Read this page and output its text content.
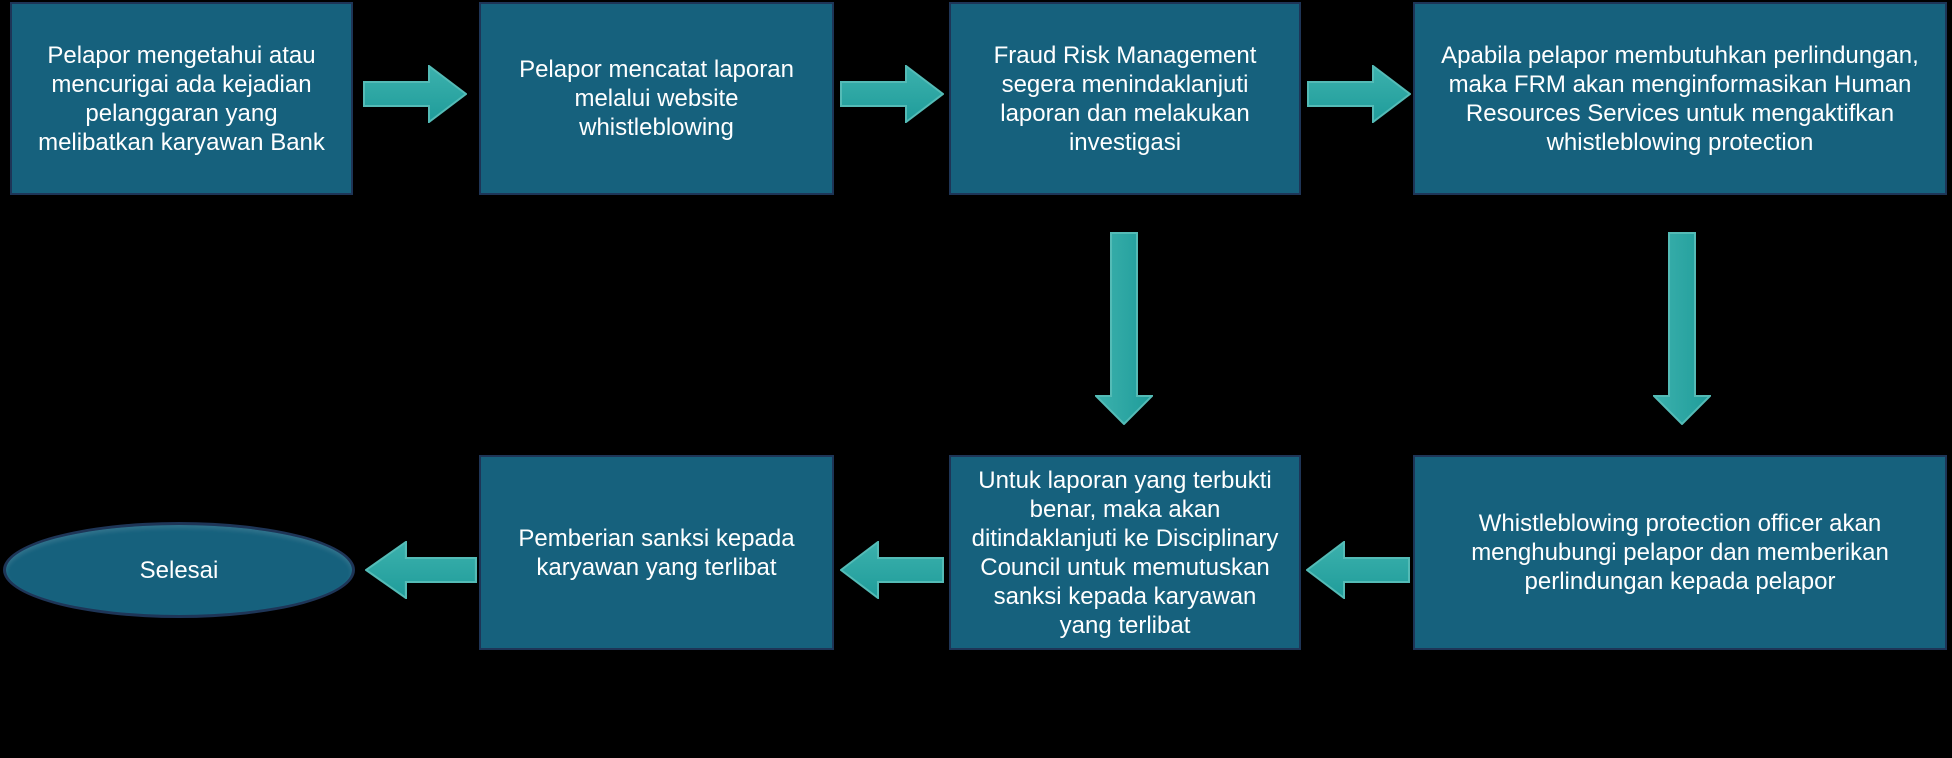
Pelapor mengetahui atau
mencurigai ada kejadian
pelanggaran yang
melibatkan karyawan Bank
Pelapor mencatat laporan
melalui website
whistleblowing
Fraud Risk Management
segera menindaklanjuti
laporan dan melakukan
investigasi
Apabila pelapor membutuhkan perlindungan,
maka FRM akan menginformasikan Human
Resources Services untuk mengaktifkan
whistleblowing protection
Whistleblowing protection officer akan
menghubungi pelapor dan memberikan
perlindungan kepada pelapor
Untuk laporan yang terbukti
benar, maka akan
ditindaklanjuti ke Disciplinary
Council untuk memutuskan
sanksi kepada karyawan
yang terlibat
Pemberian sanksi kepada
karyawan yang terlibat
Selesai
